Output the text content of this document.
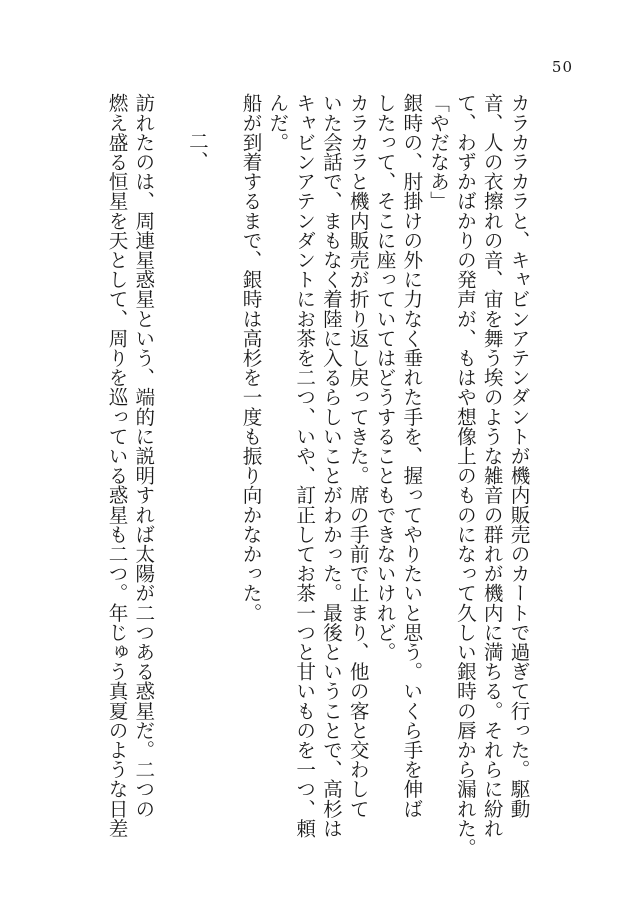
50
カラカラカラと、キャビンアテンダントが機内販売のカートで過ぎて行った。駆動
音、人の衣擦れの音、宙を舞う埃のような雑音の群れが機内に満ちる。それらに紛れ
て、わずかばかりの発声が、もはや想像上のものになって久しい銀時の唇から漏れた。
「やだなあ」
銀時の、肘掛けの外に力なく垂れた手を、握ってやりたいと思う。いくら手を伸ば
したって、そこに座っていてはどうすることもできないけれど。
カラカラと機内販売が折り返し戻ってきた。席の手前で止まり、他の客と交わして
いた会話で、まもなく着陸に入るらしいことがわかった。最後ということで、高杉は
キャビンアテンダントにお茶を二つ、いや、訂正してお茶一つと甘いものを一つ、頼
んだ。
船が到着するまで、銀時は高杉を一度も振り向かなかった。
二、
訪れたのは、周連星惑星という、端的に説明すれば太陽が二つある惑星だ。二つの
燃え盛る恒星を天として、周りを巡っている惑星も二つ。年じゅう真夏のような日差
